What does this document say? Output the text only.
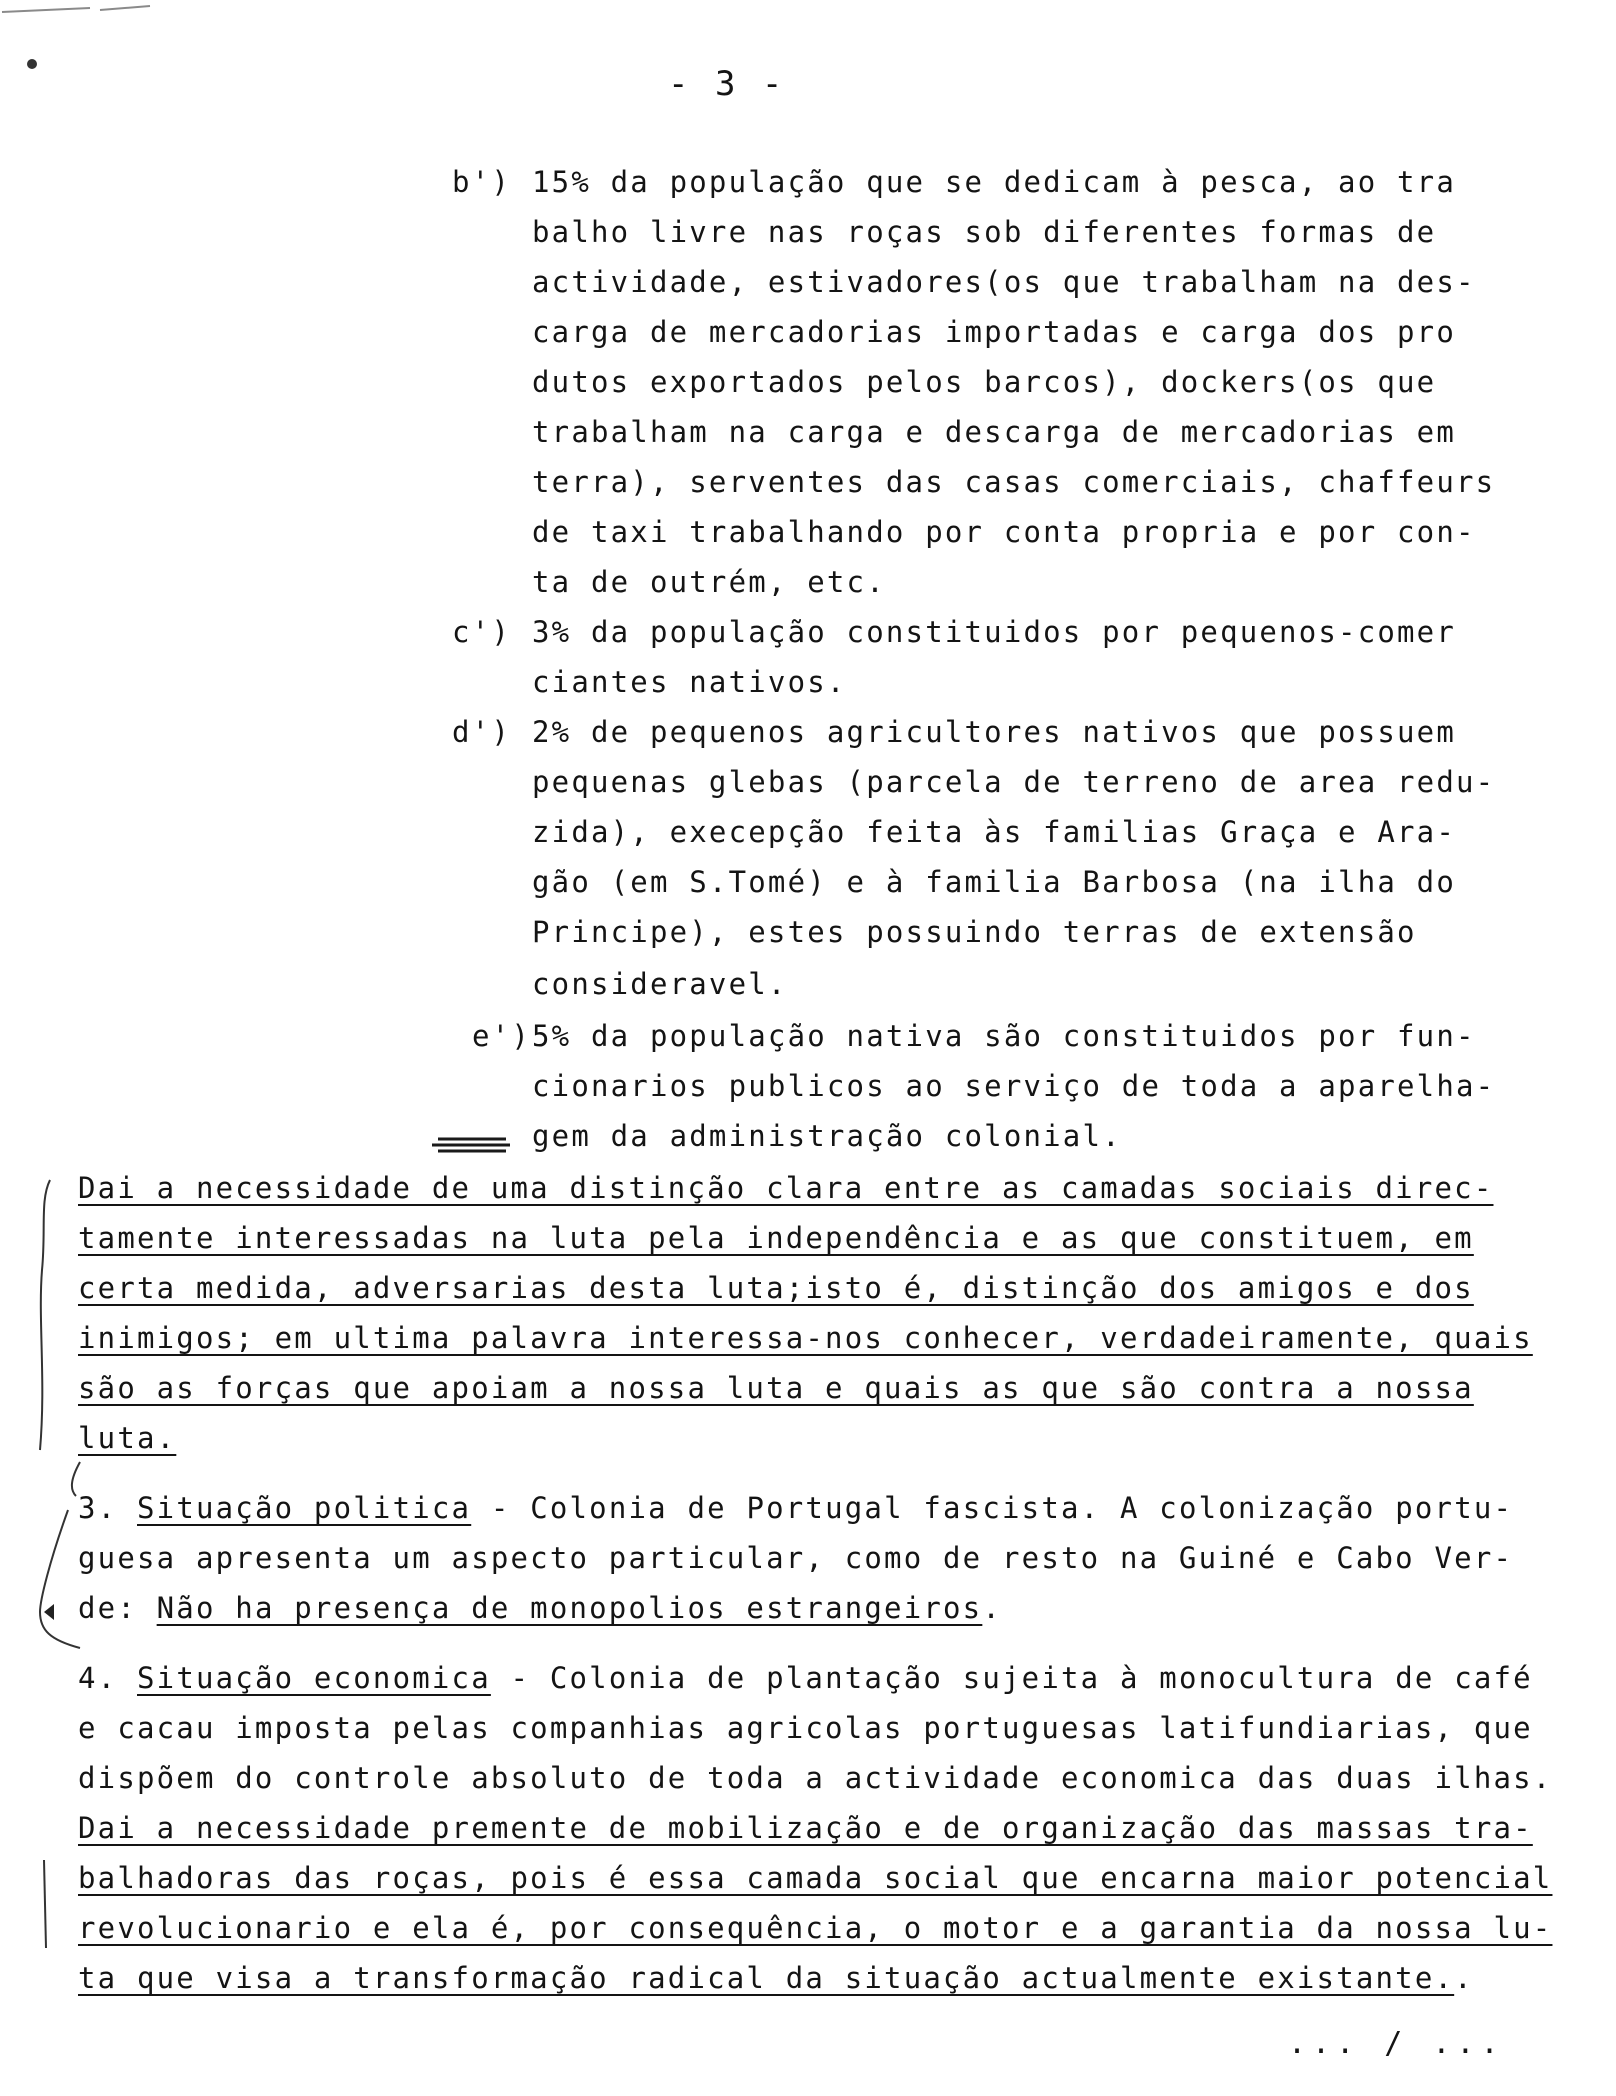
- 3 -
b') 15% da população que se dedicam à pesca, ao tra
balho livre nas roças sob diferentes formas de
actividade, estivadores(os que trabalham na des-
carga de mercadorias importadas e carga dos pro
dutos exportados pelos barcos), dockers(os que
trabalham na carga e descarga de mercadorias em
terra), serventes das casas comerciais, chaffeurs
de taxi trabalhando por conta propria e por con-
ta de outrém, etc.
c') 3% da população constituidos por pequenos-comer
ciantes nativos.
d') 2% de pequenos agricultores nativos que possuem
pequenas glebas (parcela de terreno de area redu-
zida), execepção feita às familias Graça e Ara-
gão (em S.Tomé) e à familia Barbosa (na ilha do
Principe), estes possuindo terras de extensão
consideravel.
e') 5% da população nativa são constituidos por fun-
cionarios publicos ao serviço de toda a aparelha-
gem da administração colonial.
Dai a necessidade de uma distinção clara entre as camadas sociais direc-
tamente interessadas na luta pela independência e as que constituem, em
certa medida, adversarias desta luta;isto é, distinção dos amigos e dos
inimigos; em ultima palavra interessa-nos conhecer, verdadeiramente, quais
são as forças que apoiam a nossa luta e quais as que são contra a nossa
luta.
3. Situação politica - Colonia de Portugal fascista. A colonização portu-
guesa apresenta um aspecto particular, como de resto na Guiné e Cabo Ver-
de: Não ha presença de monopolios estrangeiros.
4. Situação economica - Colonia de plantação sujeita à monocultura de café
e cacau imposta pelas companhias agricolas portuguesas latifundiarias, que
dispõem do controle absoluto de toda a actividade economica das duas ilhas.
Dai a necessidade premente de mobilização e de organização das massas tra-
balhadoras das roças, pois é essa camada social que encarna maior potencial
revolucionario e ela é, por consequência, o motor e a garantia da nossa lu-
ta que visa a transformação radical da situação actualmente existante..
... / ...
